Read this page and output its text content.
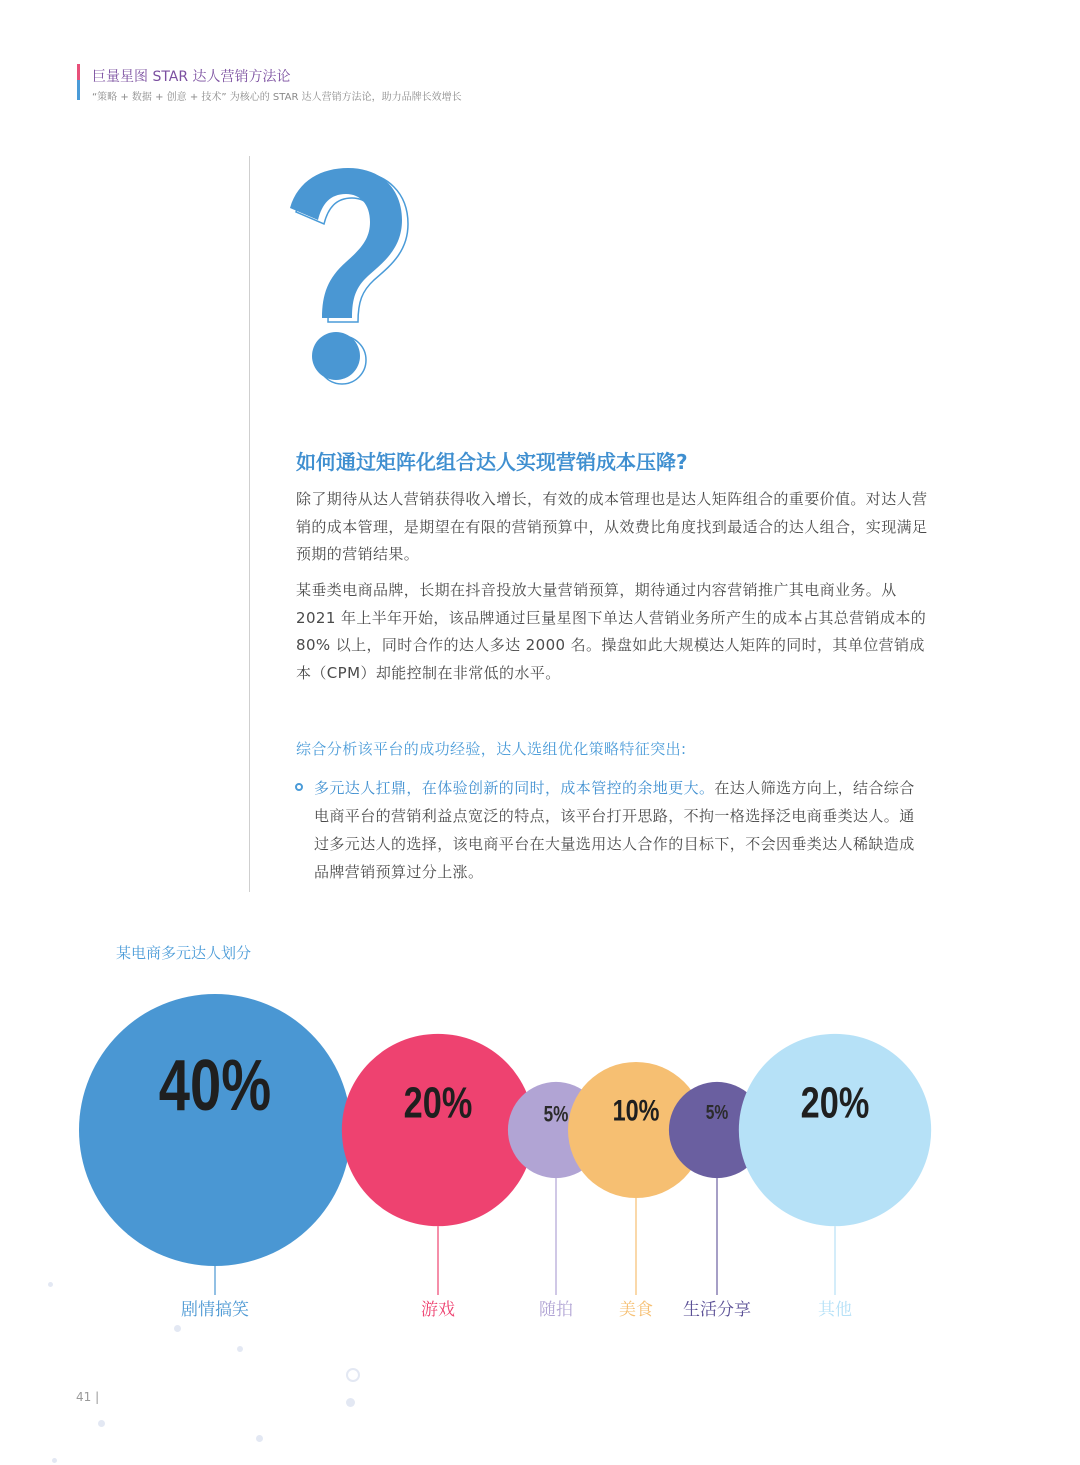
巨量星图 STAR 达人营销方法论
“策略 + 数据 + 创意 + 技术” 为核心的 STAR 达人营销方法论，助力品牌长效增长
如何通过矩阵化组合达人实现营销成本压降?
除了期待从达人营销获得收入增长，有效的成本管理也是达人矩阵组合的重要价值。对达人营销的成本管理，是期望在有限的营销预算中，从效费比角度找到最适合的达人组合，实现满足预期的营销结果。
某垂类电商品牌，长期在抖音投放大量营销预算，期待通过内容营销推广其电商业务。从 2021 年上半年开始，该品牌通过巨量星图下单达人营销业务所产生的成本占其总营销成本的 80% 以上，同时合作的达人多达 2000 名。操盘如此大规模达人矩阵的同时，其单位营销成本（CPM）却能控制在非常低的水平。
综合分析该平台的成功经验，达人选组优化策略特征突出:
多元达人扛鼎，在体验创新的同时，成本管控的余地更大。在达人筛选方向上，结合综合电商平台的营销利益点宽泛的特点，该平台打开思路，不拘一格选择泛电商垂类达人。通过多元达人的选择，该电商平台在大量选用达人合作的目标下，不会因垂类达人稀缺造成品牌营销预算过分上涨。
某电商多元达人划分
40%
剧情搞笑
20%
游戏
5%
随拍
10%
美食
5%
生活分享
20%
其他
41 |
